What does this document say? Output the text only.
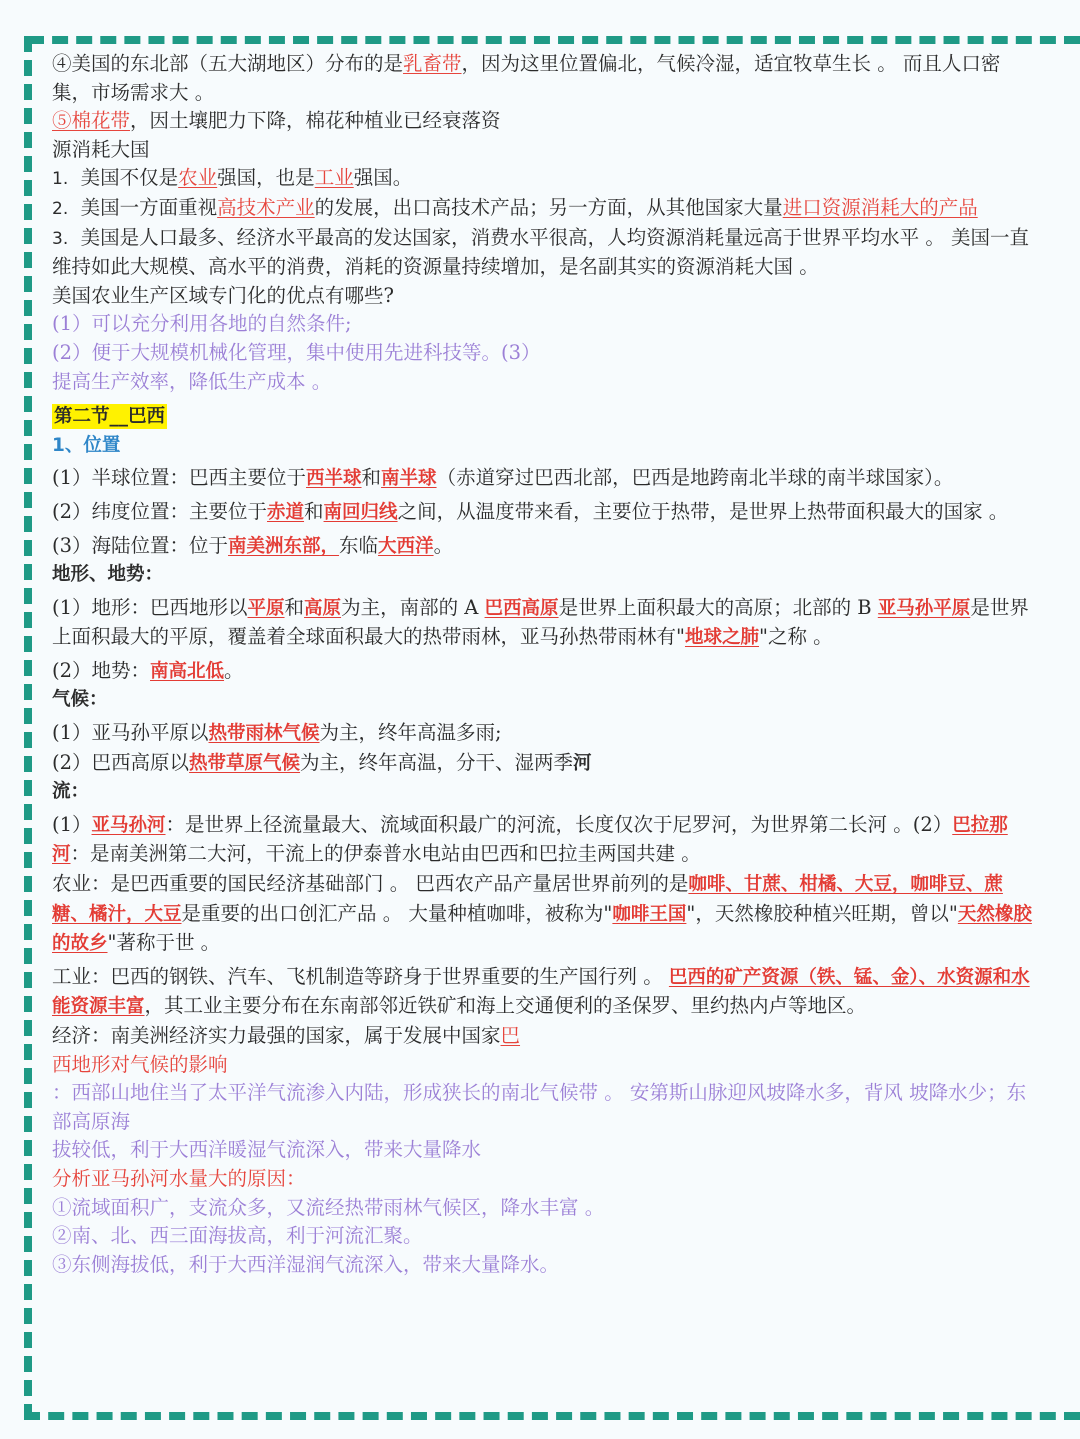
④美国的东北部（五大湖地区）分布的是乳畜带，因为这里位置偏北，气候冷湿，适宜牧草生长 。 而且人口密集，市场需求大 。

⑤棉花带，因土壤肥力下降，棉花种植业已经衰落资

源消耗大国

1. 美国不仅是农业强国，也是工业强国。

2. 美国一方面重视高技术产业的发展，出口高技术产品；另一方面，从其他国家大量进口资源消耗大的产品

3. 美国是人口最多、经济水平最高的发达国家，消费水平很高，人均资源消耗量远高于世界平均水平 。 美国一直维持如此大规模、高水平的消费，消耗的资源量持续增加，是名副其实的资源消耗大国 。

美国农业生产区域专门化的优点有哪些?

(1）可以充分利用各地的自然条件;

(2）便于大规模机械化管理，集中使用先进科技等。(3）

提高生产效率，降低生产成本 。

第二节__巴西

1、位置

(1）半球位置：巴西主要位于西半球和南半球（赤道穿过巴西北部，巴西是地跨南北半球的南半球国家）。

(2）纬度位置：主要位于赤道和南回归线之间，从温度带来看，主要位于热带，是世界上热带面积最大的国家 。

(3）海陆位置：位于南美洲东部，东临大西洋。

地形、地势：

(1）地形：巴西地形以平原和高原为主，南部的 A 巴西高原是世界上面积最大的高原；北部的 B 亚马孙平原是世界上面积最大的平原，覆盖着全球面积最大的热带雨林，亚马孙热带雨林有"地球之肺"之称 。

(2）地势：南高北低。

气候：

(1）亚马孙平原以热带雨林气候为主，终年高温多雨;

(2）巴西高原以热带草原气候为主，终年高温，分干、湿两季河

流：

(1）亚马孙河：是世界上径流量最大、流域面积最广的河流，长度仅次于尼罗河，为世界第二长河 。(2）巴拉那河：是南美洲第二大河，干流上的伊泰普水电站由巴西和巴拉圭两国共建 。

农业：是巴西重要的国民经济基础部门 。 巴西农产品产量居世界前列的是咖啡、甘蔗、柑橘、大豆，咖啡豆、蔗糖、橘汁，大豆是重要的出口创汇产品 。 大量种植咖啡，被称为"咖啡王国"，天然橡胶种植兴旺期，曾以"天然橡胶的故乡"著称于世 。

工业：巴西的钢铁、汽车、飞机制造等跻身于世界重要的生产国行列 。 巴西的矿产资源（铁、锰、金）、水资源和水能资源丰富，其工业主要分布在东南部邻近铁矿和海上交通便利的圣保罗、里约热内卢等地区。

经济：南美洲经济实力最强的国家，属于发展中国家巴

西地形对气候的影响

：西部山地住当了太平洋气流渗入内陆，形成狭长的南北气候带 。 安第斯山脉迎风坡降水多，背风 坡降水少；东部高原海

拔较低，利于大西洋暖湿气流深入，带来大量降水

分析亚马孙河水量大的原因：

①流域面积广，支流众多，又流经热带雨林气候区，降水丰富 。

②南、北、西三面海拔高，利于河流汇聚。

③东侧海拔低，利于大西洋湿润气流深入，带来大量降水。
